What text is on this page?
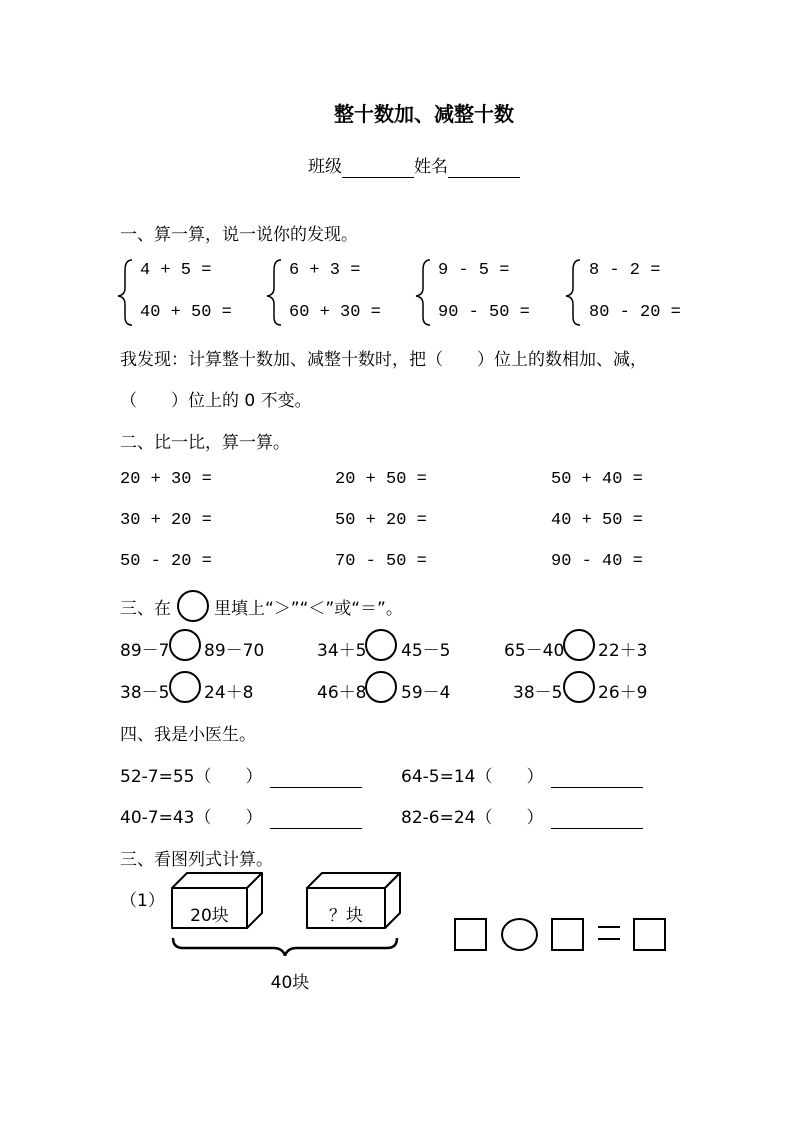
整十数加、减整十数
班级	姓名
一、算一算，说一说你的发现。
4 + 5 =
40 + 50 =
6 + 3 =
60 + 30 =
9 - 5 =
90 - 50 =
8 - 2 =
80 - 20 =
我发现：计算整十数加、减整十数时，把（　　）位上的数相加、减，
（　　）位上的 0 不变。
二、比一比，算一算。
20 + 30 =	20 + 50 =	50 + 40 =
30 + 20 =	50 + 20 =	40 + 50 =
50 - 20 =	70 - 50 =	90 - 40 =
三、在	里填上“＞”“＜”或“＝”。
89－7 89－70	34＋5 45－5	65－40 22＋3
38－5 24＋8	46＋8 59－4	38－5 26＋9
四、我是小医生。
52-7=55（　　）	64-5=14（　　）
40-7=43（　　）	82-6=24（　　）
三、看图列式计算。
（1）
20块	？块
40块
